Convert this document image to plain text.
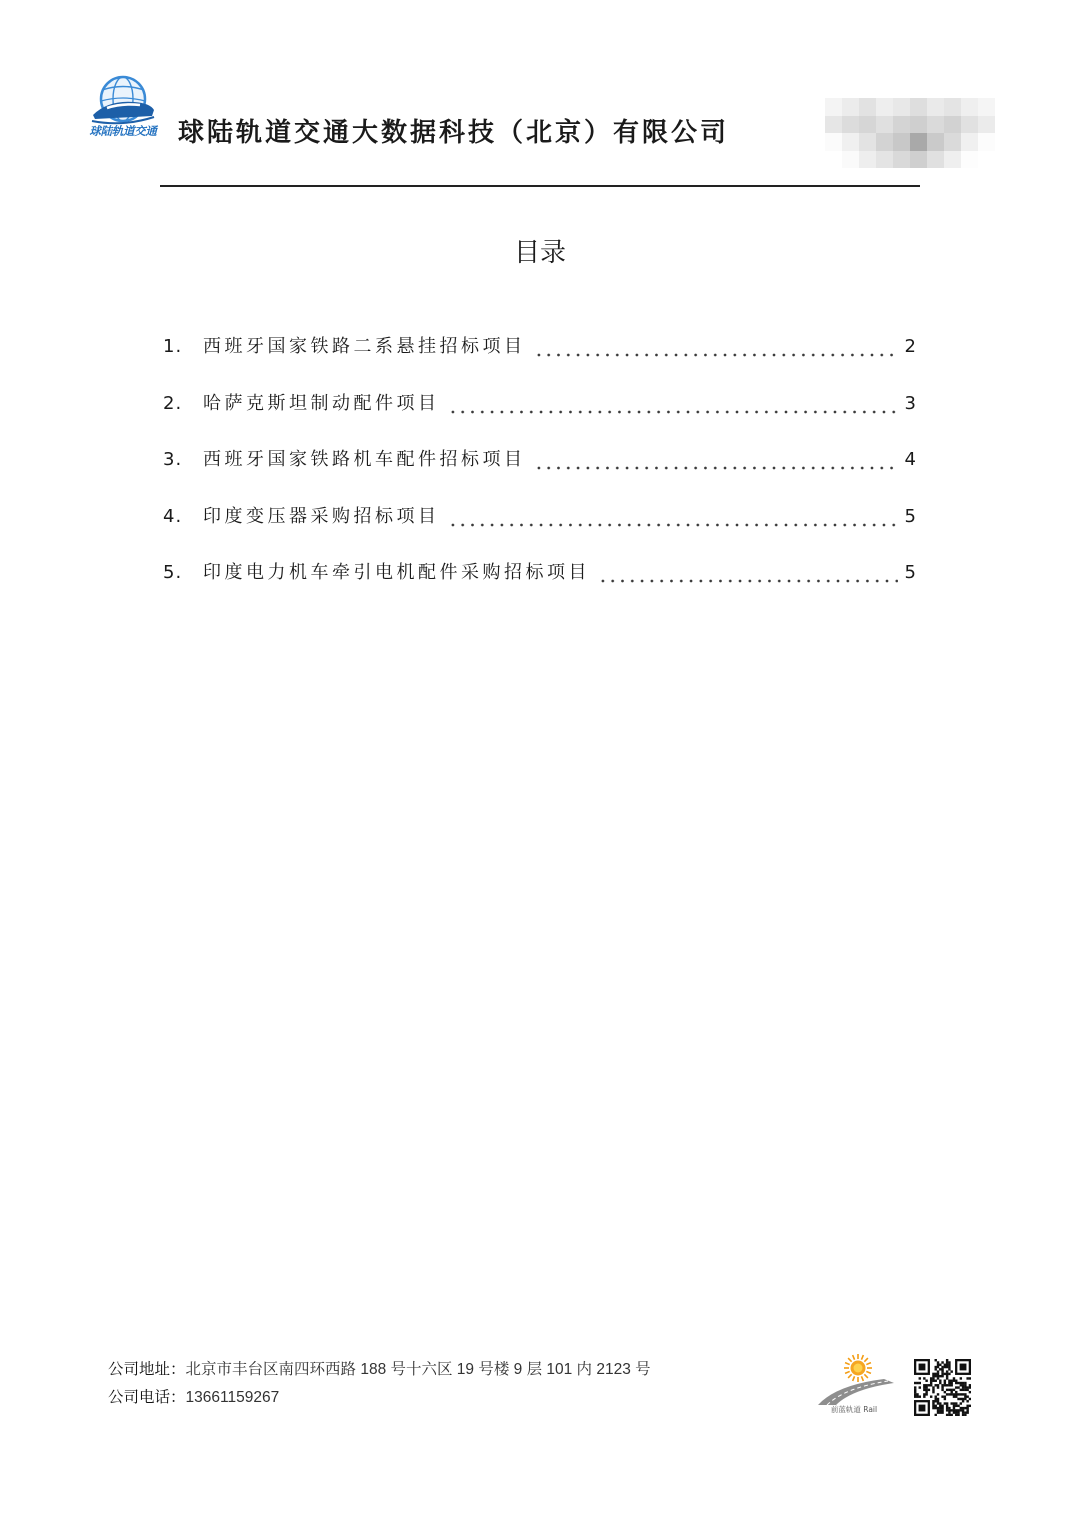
球陆轨道交通 球陆轨道交通大数据科技（北京）有限公司
目录
1.	西班牙国家铁路二系悬挂招标项目	2
2.	哈萨克斯坦制动配件项目	3
3.	西班牙国家铁路机车配件招标项目	4
4.	印度变压器采购招标项目	5
5.	印度电力机车牵引电机配件采购招标项目	5
公司地址：北京市丰台区南四环西路 188 号十六区 19 号楼 9 层 101 内 2123 号
公司电话：13661159267
前蓝轨道 Rail
